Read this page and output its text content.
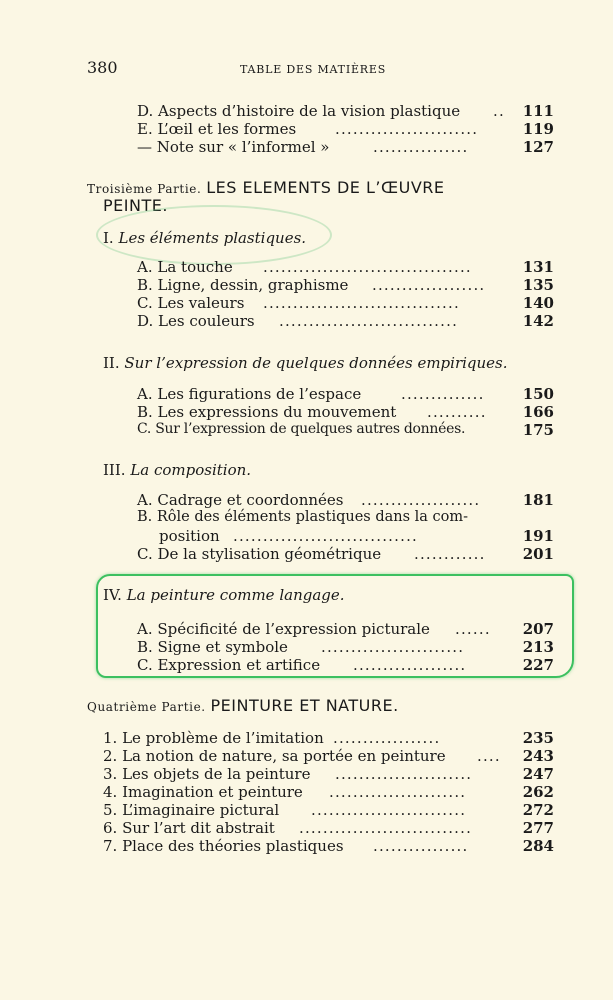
380	TABLE DES MATIÈRES
D. Aspects d’histoire de la vision plastique ..	111
E. L’œil et les formes	........................	119
— Note sur « l’informel »	................	127
Troisième Partie. LES ELEMENTS DE L’ŒUVRE
PEINTE.
I. Les éléments plastiques.
A. La touche ...................................	131
B. Ligne, dessin, graphisme ...................	135
C. Les valeurs .................................	140
D. Les couleurs ..............................	142
II. Sur l’expression de quelques données empiriques.
A. Les figurations de l’espace	..............	150
B. Les expressions du mouvement ..........	166
C. Sur l’expression de quelques autres données.	175
III. La composition.
A. Cadrage et coordonnées ....................	181
B. Rôle des éléments plastiques dans la com-
position ...............................	191
C. De la stylisation géométrique ............	201
IV. La peinture comme langage.
A. Spécificité de l’expression picturale ......	207
B. Signe et symbole ........................	213
C. Expression et artifice ...................	227
Quatrième Partie. PEINTURE ET NATURE.
1. Le problème de l’imitation ..................	235
2. La notion de nature, sa portée en peinture ....	243
3. Les objets de la peinture .......................	247
4. Imagination et peinture .......................	262
5. L’imaginaire pictural ..........................	272
6. Sur l’art dit abstrait .............................	277
7. Place des théories plastiques ................	284
